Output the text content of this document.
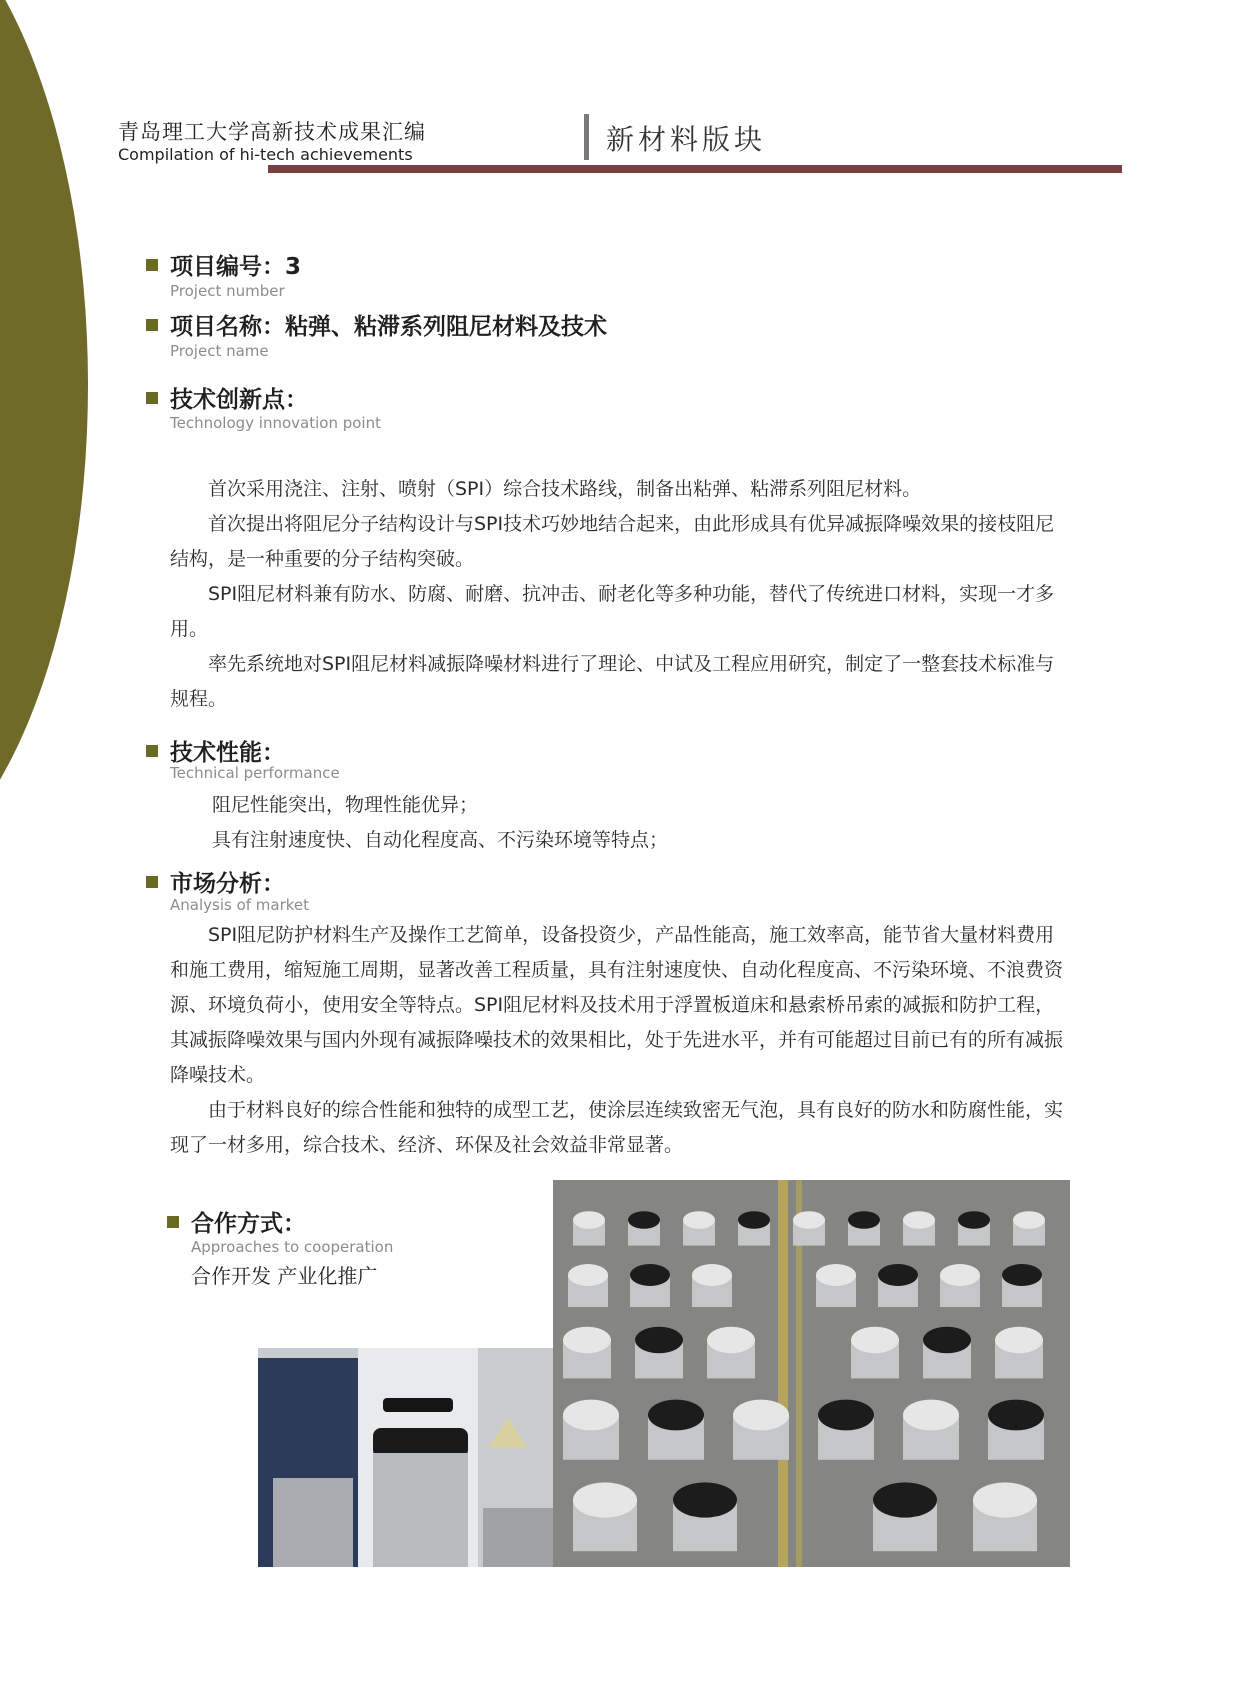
青岛理工大学高新技术成果汇编
Compilation of hi-tech achievements	新材料版块
项目编号：3
Project number
项目名称：粘弹、粘滞系列阻尼材料及技术
Project name
技术创新点：
Technology innovation point

首次采用浇注、注射、喷射（SPI）综合技术路线，制备出粘弹、粘滞系列阻尼材料。

首次提出将阻尼分子结构设计与SPI技术巧妙地结合起来，由此形成具有优异减振降噪效果的接枝阻尼结构，是一种重要的分子结构突破。

SPI阻尼材料兼有防水、防腐、耐磨、抗冲击、耐老化等多种功能，替代了传统进口材料，实现一才多用。

率先系统地对SPI阻尼材料减振降噪材料进行了理论、中试及工程应用研究，制定了一整套技术标准与规程。

技术性能：
Technical performance
阻尼性能突出，物理性能优异；
具有注射速度快、自动化程度高、不污染环境等特点；
市场分析：
Analysis of market

SPI阻尼防护材料生产及操作工艺简单，设备投资少，产品性能高，施工效率高，能节省大量材料费用和施工费用，缩短施工周期，显著改善工程质量，具有注射速度快、自动化程度高、不污染环境、不浪费资源、环境负荷小，使用安全等特点。SPI阻尼材料及技术用于浮置板道床和悬索桥吊索的减振和防护工程，其减振降噪效果与国内外现有减振降噪技术的效果相比，处于先进水平，并有可能超过目前已有的所有减振降噪技术。

由于材料良好的综合性能和独特的成型工艺，使涂层连续致密无气泡，具有良好的防水和防腐性能，实现了一材多用，综合技术、经济、环保及社会效益非常显著。

合作方式：
Approaches to cooperation
合作开发 产业化推广
